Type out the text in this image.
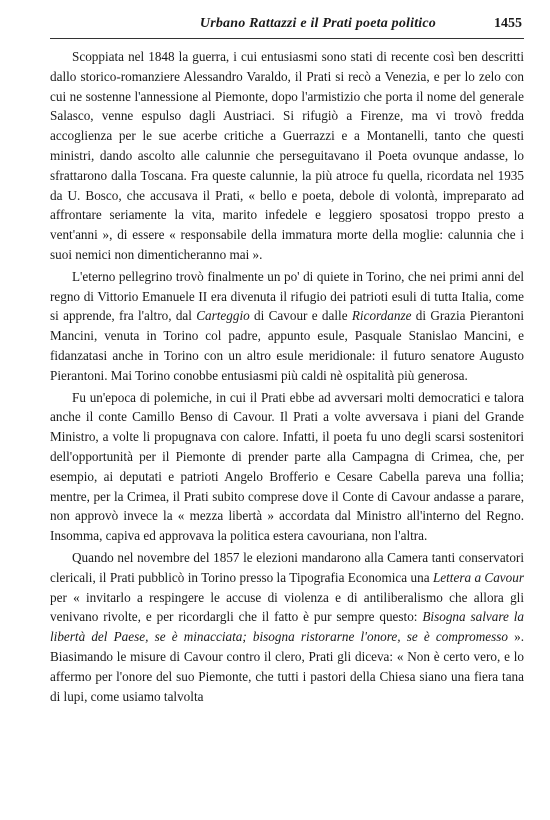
Urbano Rattazzi e il Prati poeta politico	1455

Scoppiata nel 1848 la guerra, i cui entusiasmi sono stati di recente così ben descritti dallo storico-romanziere Alessandro Varaldo, il Prati si recò a Venezia, e per lo zelo con cui ne sostenne l'annessione al Piemonte, dopo l'armistizio che porta il nome del generale Salasco, venne espulso dagli Austriaci. Si rifugiò a Firenze, ma vi trovò fredda accoglienza per le sue acerbe critiche a Guerrazzi e a Montanelli, tanto che questi ministri, dando ascolto alle calunnie che perseguitavano il Poeta ovunque andasse, lo sfrattarono dalla Toscana. Fra queste calunnie, la più atroce fu quella, ricordata nel 1935 da U. Bosco, che accusava il Prati, « bello e poeta, debole di volontà, impreparato ad affrontare seriamente la vita, marito infedele e leggiero sposatosi troppo presto a vent'anni », di essere « responsabile della immatura morte della moglie: calunnia che i suoi nemici non dimenticheranno mai ».

L'eterno pellegrino trovò finalmente un po' di quiete in Torino, che nei primi anni del regno di Vittorio Emanuele II era divenuta il rifugio dei patrioti esuli di tutta Italia, come si apprende, fra l'altro, dal Carteggio di Cavour e dalle Ricordanze di Grazia Pierantoni Mancini, venuta in Torino col padre, appunto esule, Pasquale Stanislao Mancini, e fidanzatasi anche in Torino con un altro esule meridionale: il futuro senatore Augusto Pierantoni. Mai Torino conobbe entusiasmi più caldi nè ospitalità più generosa.

Fu un'epoca di polemiche, in cui il Prati ebbe ad avversari molti democratici e talora anche il conte Camillo Benso di Cavour. Il Prati a volte avversava i piani del Grande Ministro, a volte li propugnava con calore. Infatti, il poeta fu uno degli scarsi sostenitori dell'opportunità per il Piemonte di prender parte alla Campagna di Crimea, che, per esempio, ai deputati e patrioti Angelo Brofferio e Cesare Cabella pareva una follia; mentre, per la Crimea, il Prati subito comprese dove il Conte di Cavour andasse a parare, non approvò invece la « mezza libertà » accordata dal Ministro all'interno del Regno. Insomma, capiva ed approvava la politica estera cavouriana, non l'altra.

Quando nel novembre del 1857 le elezioni mandarono alla Camera tanti conservatori clericali, il Prati pubblicò in Torino presso la Tipografia Economica una Lettera a Cavour per « invitarlo a respingere le accuse di violenza e di antiliberalismo che allora gli venivano rivolte, e per ricordargli che il fatto è pur sempre questo: Bisogna salvare la libertà del Paese, se è minacciata; bisogna ristorarne l'onore, se è compromesso ». Biasimando le misure di Cavour contro il clero, Prati gli diceva: « Non è certo vero, e lo affermo per l'onore del suo Piemonte, che tutti i pastori della Chiesa siano una fiera tana di lupi, come usiamo talvolta
